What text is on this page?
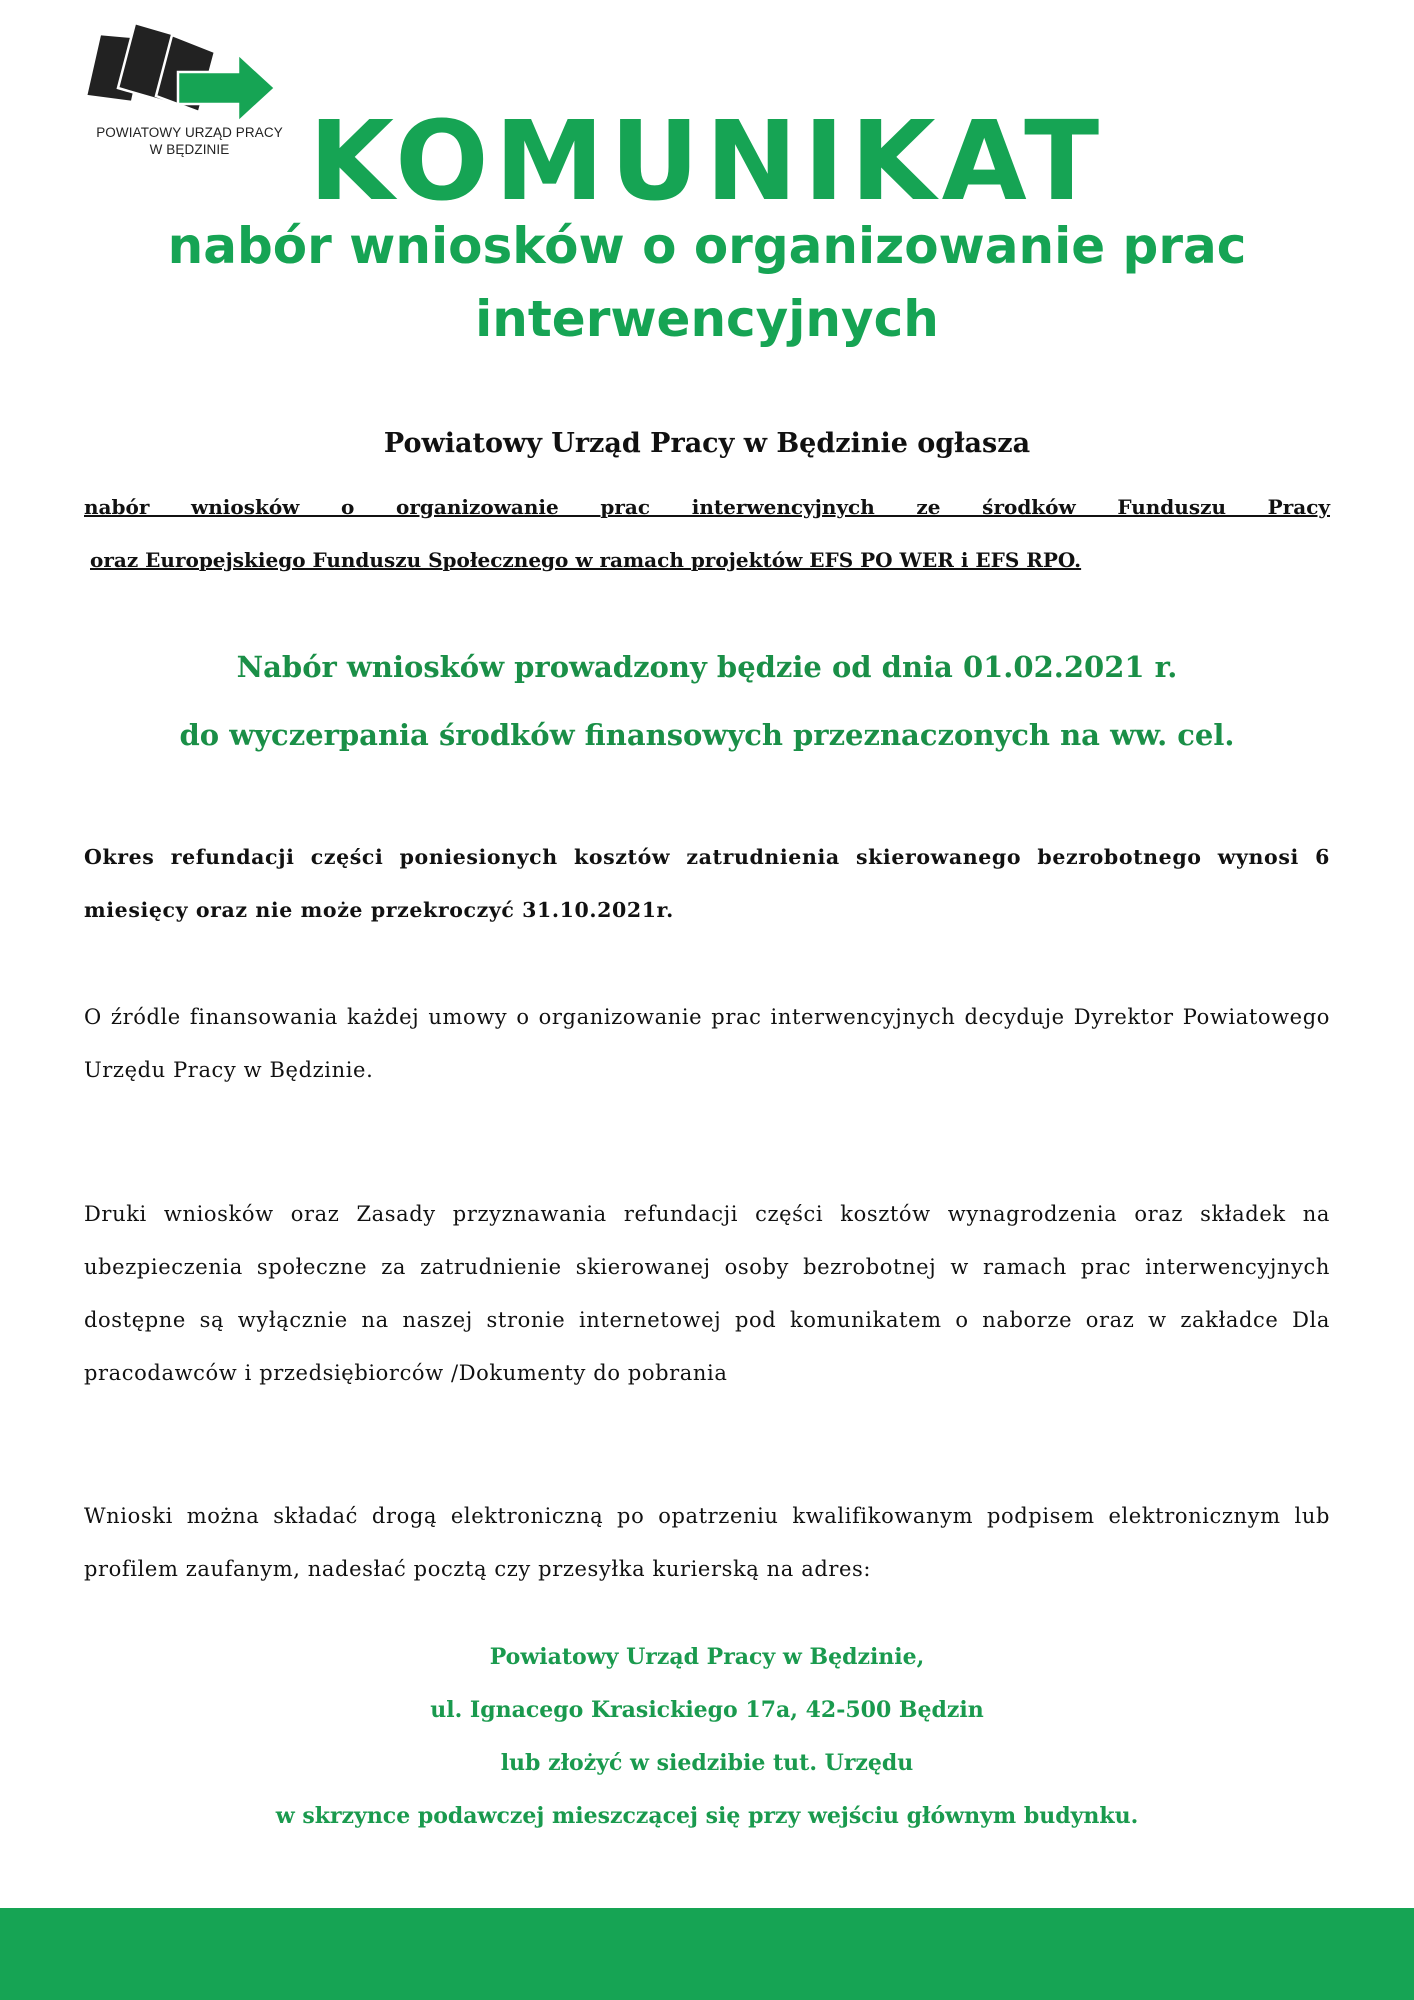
POWIATOWY URZĄD PRACY
W BĘDZINIE KOMUNIKAT
nabór wniosków o organizowanie prac interwencyjnych
Powiatowy Urząd Pracy w Będzinie ogłasza
nabór wniosków o organizowanie prac interwencyjnych ze środków Funduszu Pracy
oraz Europejskiego Funduszu Społecznego w ramach projektów EFS PO WER i EFS RPO.
Nabór wniosków prowadzony będzie od dnia 01.02.2021 r.
do wyczerpania środków finansowych przeznaczonych na ww. cel.
Okres refundacji części poniesionych kosztów zatrudnienia skierowanego bezrobotnego wynosi 6 miesięcy oraz nie może przekroczyć 31.10.2021r.
O źródle finansowania każdej umowy o organizowanie prac interwencyjnych decyduje Dyrektor Powiatowego Urzędu Pracy w Będzinie.
Druki wniosków oraz Zasady przyznawania refundacji części kosztów wynagrodzenia oraz składek na ubezpieczenia społeczne za zatrudnienie skierowanej osoby bezrobotnej w ramach prac interwencyjnych dostępne są wyłącznie na naszej stronie internetowej pod komunikatem o naborze oraz w zakładce Dla pracodawców i przedsiębiorców /Dokumenty do pobrania
Wnioski można składać drogą elektroniczną po opatrzeniu kwalifikowanym podpisem elektronicznym lub profilem zaufanym, nadesłać pocztą czy przesyłka kurierską na adres:
Powiatowy Urząd Pracy w Będzinie,
ul. Ignacego Krasickiego 17a, 42-500 Będzin
lub złożyć w siedzibie tut. Urzędu
w skrzynce podawczej mieszczącej się przy wejściu głównym budynku.
